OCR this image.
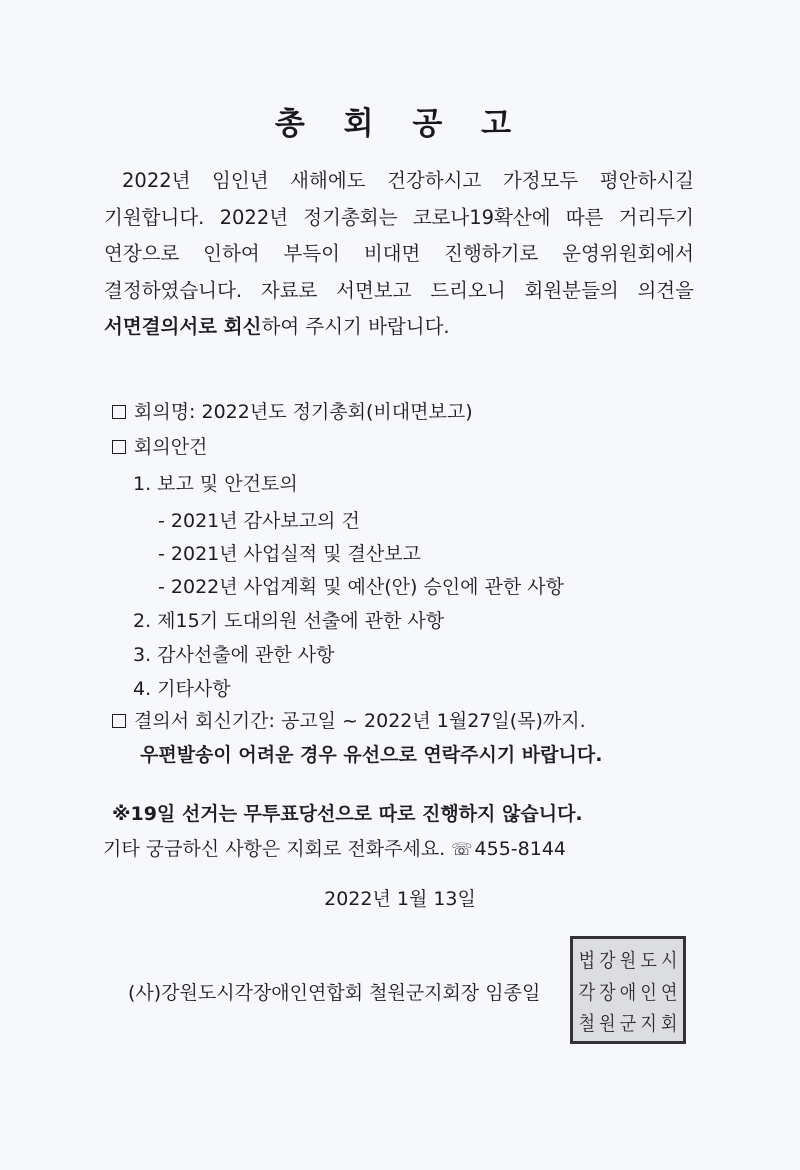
총 회 공 고
2022년 임인년 새해에도 건강하시고 가정모두 평안하시길 기원합니다. 2022년 정기총회는 코로나19확산에 따른 거리두기 연장으로 인하여 부득이 비대면 진행하기로 운영위원회에서 결정하였습니다. 자료로 서면보고 드리오니 회원분들의 의견을 서면결의서로 회신하여 주시기 바랍니다.
회의명: 2022년도 정기총회(비대면보고)
회의안건
1. 보고 및 안건토의
- 2021년 감사보고의 건
- 2021년 사업실적 및 결산보고
- 2022년 사업계획 및 예산(안) 승인에 관한 사항
2. 제15기 도대의원 선출에 관한 사항
3. 감사선출에 관한 사항
4. 기타사항
결의서 회신기간: 공고일 ~ 2022년 1월27일(목)까지.
우편발송이 어려운 경우 유선으로 연락주시기 바랍니다.
※19일 선거는 무투표당선으로 따로 진행하지 않습니다.
기타 궁금하신 사항은 지회로 전화주세요. ☏ 455-8144
2022년 1월 13일
(사)강원도시각장애인연합회 철원군지회장 임종일
법 강 원 도 시
각 장 애 인 연
철 원 군 지 회
